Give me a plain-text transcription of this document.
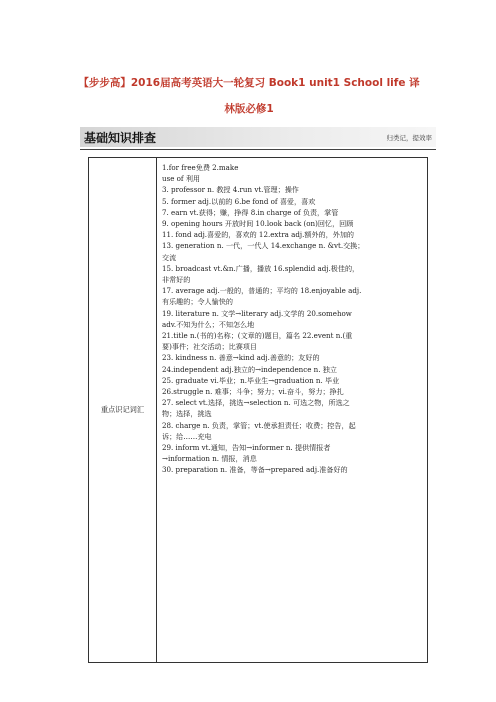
【步步高】2016届高考英语大一轮复习 Book1 unit1 School life 译
林版必修1
基础知识排查	归类记，提效率
重点识记词汇
1.for free免费 2.make
use of 利用
3. professor n. 教授 4.run vt.管理；操作
5. former adj.以前的 6.be fond of 喜爱，喜欢
7. earn vt.获得；赚，挣得 8.in charge of 负责，掌管
9. opening hours 开放时间 10.look back (on)回忆，回顾
11. fond adj.喜爱的，喜欢的 12.extra adj.额外的，外加的
13. generation n. 一代，一代人 14.exchange n. &vt.交换；
交流
15. broadcast vt.&n.广播，播放 16.splendid adj.极佳的，
非常好的
17. average adj.一般的，普通的；平均的 18.enjoyable adj.
有乐趣的；令人愉快的
19. literature n. 文学→literary adj.文学的 20.somehow
adv.不知为什么；不知怎么地
21.title n.(书的)名称；(文章的)题目，篇名 22.event n.(重
要)事件；社交活动；比赛项目
23. kindness n. 善意→kind adj.善意的；友好的
24.independent adj.独立的→independence n. 独立
25. graduate vi.毕业；n.毕业生→graduation n. 毕业
26.struggle n. 难事；斗争；努力；vi.奋斗，努力；挣扎
27. select vt.选择，挑选→selection n. 可选之物，所选之
物；选择，挑选
28. charge n. 负责，掌管；vt.使承担责任；收费；控告，起
诉；给……充电
29. inform vt.通知，告知→informer n. 提供情报者
→information n. 情报，消息
30. preparation n. 准备，等备→prepared adj.准备好的
